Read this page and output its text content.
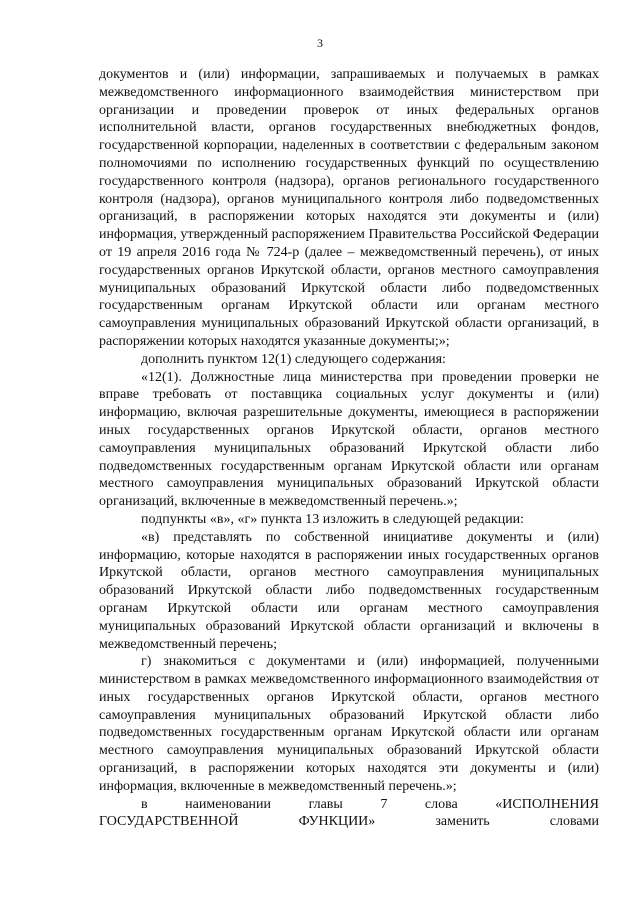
3

документов и (или) информации, запрашиваемых и получаемых в рамках межведомственного информационного взаимодействия министерством при организации и проведении проверок от иных федеральных органов исполнительной власти, органов государственных внебюджетных фондов, государственной корпорации, наделенных в соответствии с федеральным законом полномочиями по исполнению государственных функций по осуществлению государственного контроля (надзора), органов регионального государственного контроля (надзора), органов муниципального контроля либо подведомственных организаций, в распоряжении которых находятся эти документы и (или) информация, утвержденный распоряжением Правительства Российской Федерации от 19 апреля 2016 года № 724-р (далее – межведомственный перечень), от иных государственных органов Иркутской области, органов местного самоуправления муниципальных образований Иркутской области либо подведомственных государственным органам Иркутской области или органам местного самоуправления муниципальных образований Иркутской области организаций, в распоряжении которых находятся указанные документы;»;

дополнить пунктом 12(1) следующего содержания:

«12(1). Должностные лица министерства при проведении проверки не вправе требовать от поставщика социальных услуг документы и (или) информацию, включая разрешительные документы, имеющиеся в распоряжении иных государственных органов Иркутской области, органов местного самоуправления муниципальных образований Иркутской области либо подведомственных государственным органам Иркутской области или органам местного самоуправления муниципальных образований Иркутской области организаций, включенные в межведомственный перечень.»;

подпункты «в», «г» пункта 13 изложить в следующей редакции:

«в) представлять по собственной инициативе документы и (или) информацию, которые находятся в распоряжении иных государственных органов Иркутской области, органов местного самоуправления муниципальных образований Иркутской области либо подведомственных государственным органам Иркутской области или органам местного самоуправления муниципальных образований Иркутской области организаций и включены в межведомственный перечень;

г) знакомиться с документами и (или) информацией, полученными министерством в рамках межведомственного информационного взаимодействия от иных государственных органов Иркутской области, органов местного самоуправления муниципальных образований Иркутской области либо подведомственных государственным органам Иркутской области или органам местного самоуправления муниципальных образований Иркутской области организаций, в распоряжении которых находятся эти документы и (или) информация, включенные в межведомственный перечень.»;

в	наименовании	главы	7	слова	«ИСПОЛНЕНИЯ
ГОСУДАРСТВЕННОЙ	ФУНКЦИИ»	заменить	словами
